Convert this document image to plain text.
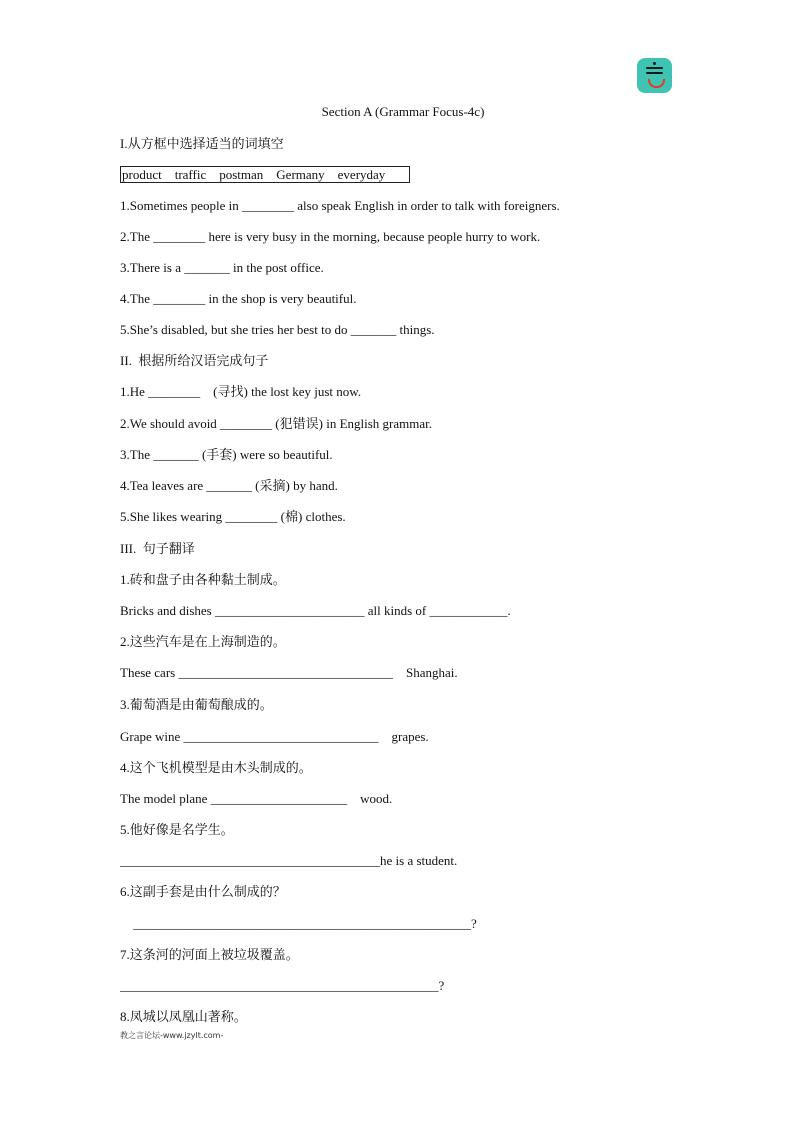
Section A (Grammar Focus-4c)
I.从方框中选择适当的词填空
product    traffic    postman    Germany    everyday
1.Sometimes people in ________ also speak English in order to talk with foreigners.
2.The ________ here is very busy in the morning, because people hurry to work.
3.There is a _______ in the post office.
4.The ________ in the shop is very beautiful.
5.She’s disabled, but she tries her best to do _______ things.
II.  根据所给汉语完成句子
1.He ________    (寻找) the lost key just now.
2.We should avoid ________ (犯错误) in English grammar.
3.The _______ (手套) were so beautiful.
4.Tea leaves are _______ (采摘) by hand.
5.She likes wearing ________ (棉) clothes.
III.  句子翻译
1.砖和盘子由各种黏土制成。
Bricks and dishes _______________________ all kinds of ____________.
2.这些汽车是在上海制造的。
These cars _________________________________    Shanghai.
3.葡萄酒是由葡萄酿成的。
Grape wine ______________________________    grapes.
4.这个飞机模型是由木头制成的。
The model plane _____________________    wood.
5.他好像是名学生。
________________________________________he is a student.
6.这副手套是由什么制成的？
____________________________________________________?
7.这条河的河面上被垃圾覆盖。
_________________________________________________?
8.凤城以凤凰山著称。
教之言论坛-www.jzylt.com-
